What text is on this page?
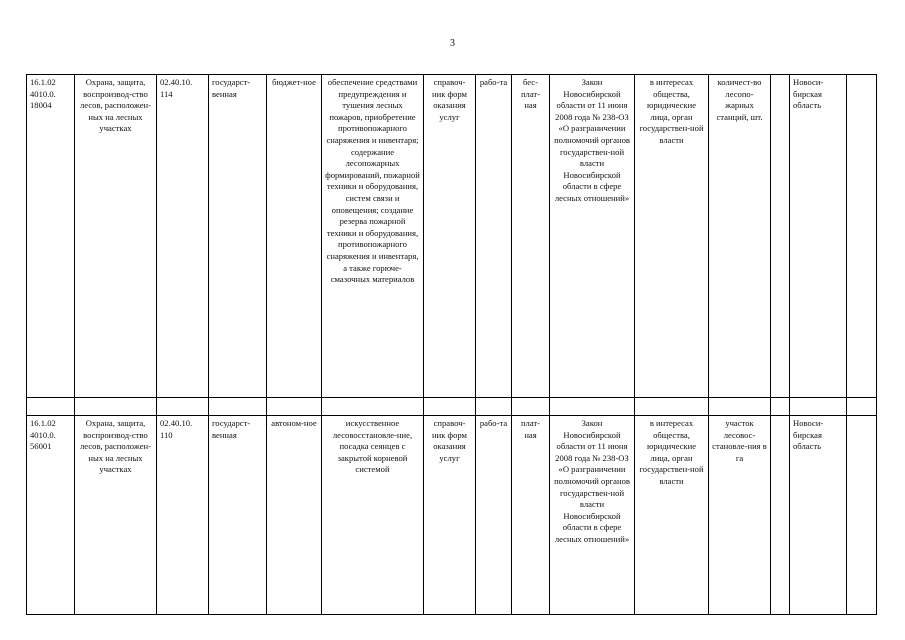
3
16.1.02 4010.0. 18004	Охрана, защита, воспроизвод-ство лесов, расположен-ных на лесных участках	02.40.10. 114	государст-венная	бюджет-ное	обеспечение средствами предупреждения и тушения лесных пожаров, приобретение противопожарного снаряжения и инвентаря; содержание лесопожарных формирований, пожарной техники и оборудования, систем связи и оповещения; создание резерва пожарной техники и оборудования, противопожарного снаряжения и инвентаря, а также горюче-смазочных материалов	справоч-ник форм оказания услуг	рабо-та	бес-плат-ная	Закон Новосибирской области от 11 июня 2008 года № 238-ОЗ «О разграничении полномочий органов государствен-ной власти Новосибирской области в сфере лесных отношений»	в интересах общества, юридические лица, орган государствен-ной власти	количест-во лесопо-жарных станций, шт.		Новоси-бирская область	

16.1.02 4010.0. 56001	Охрана, защита, воспроизвод-ство лесов, расположен-ных на лесных участках	02.40.10. 110	государст-венная	автоном-ное	искусственное лесовосстановле-ние, посадка сеянцев с закрытой корневой системой	справоч-ник форм оказания услуг	рабо-та	плат-ная	Закон Новосибирской области от 11 июня 2008 года № 238-ОЗ «О разграничении полномочий органов государствен-ной власти Новосибирской области в сфере лесных отношений»	в интересах общества, юридические лица, орган государствен-ной власти	участок лесовос-становле-ния в га		Новоси-бирская область	
